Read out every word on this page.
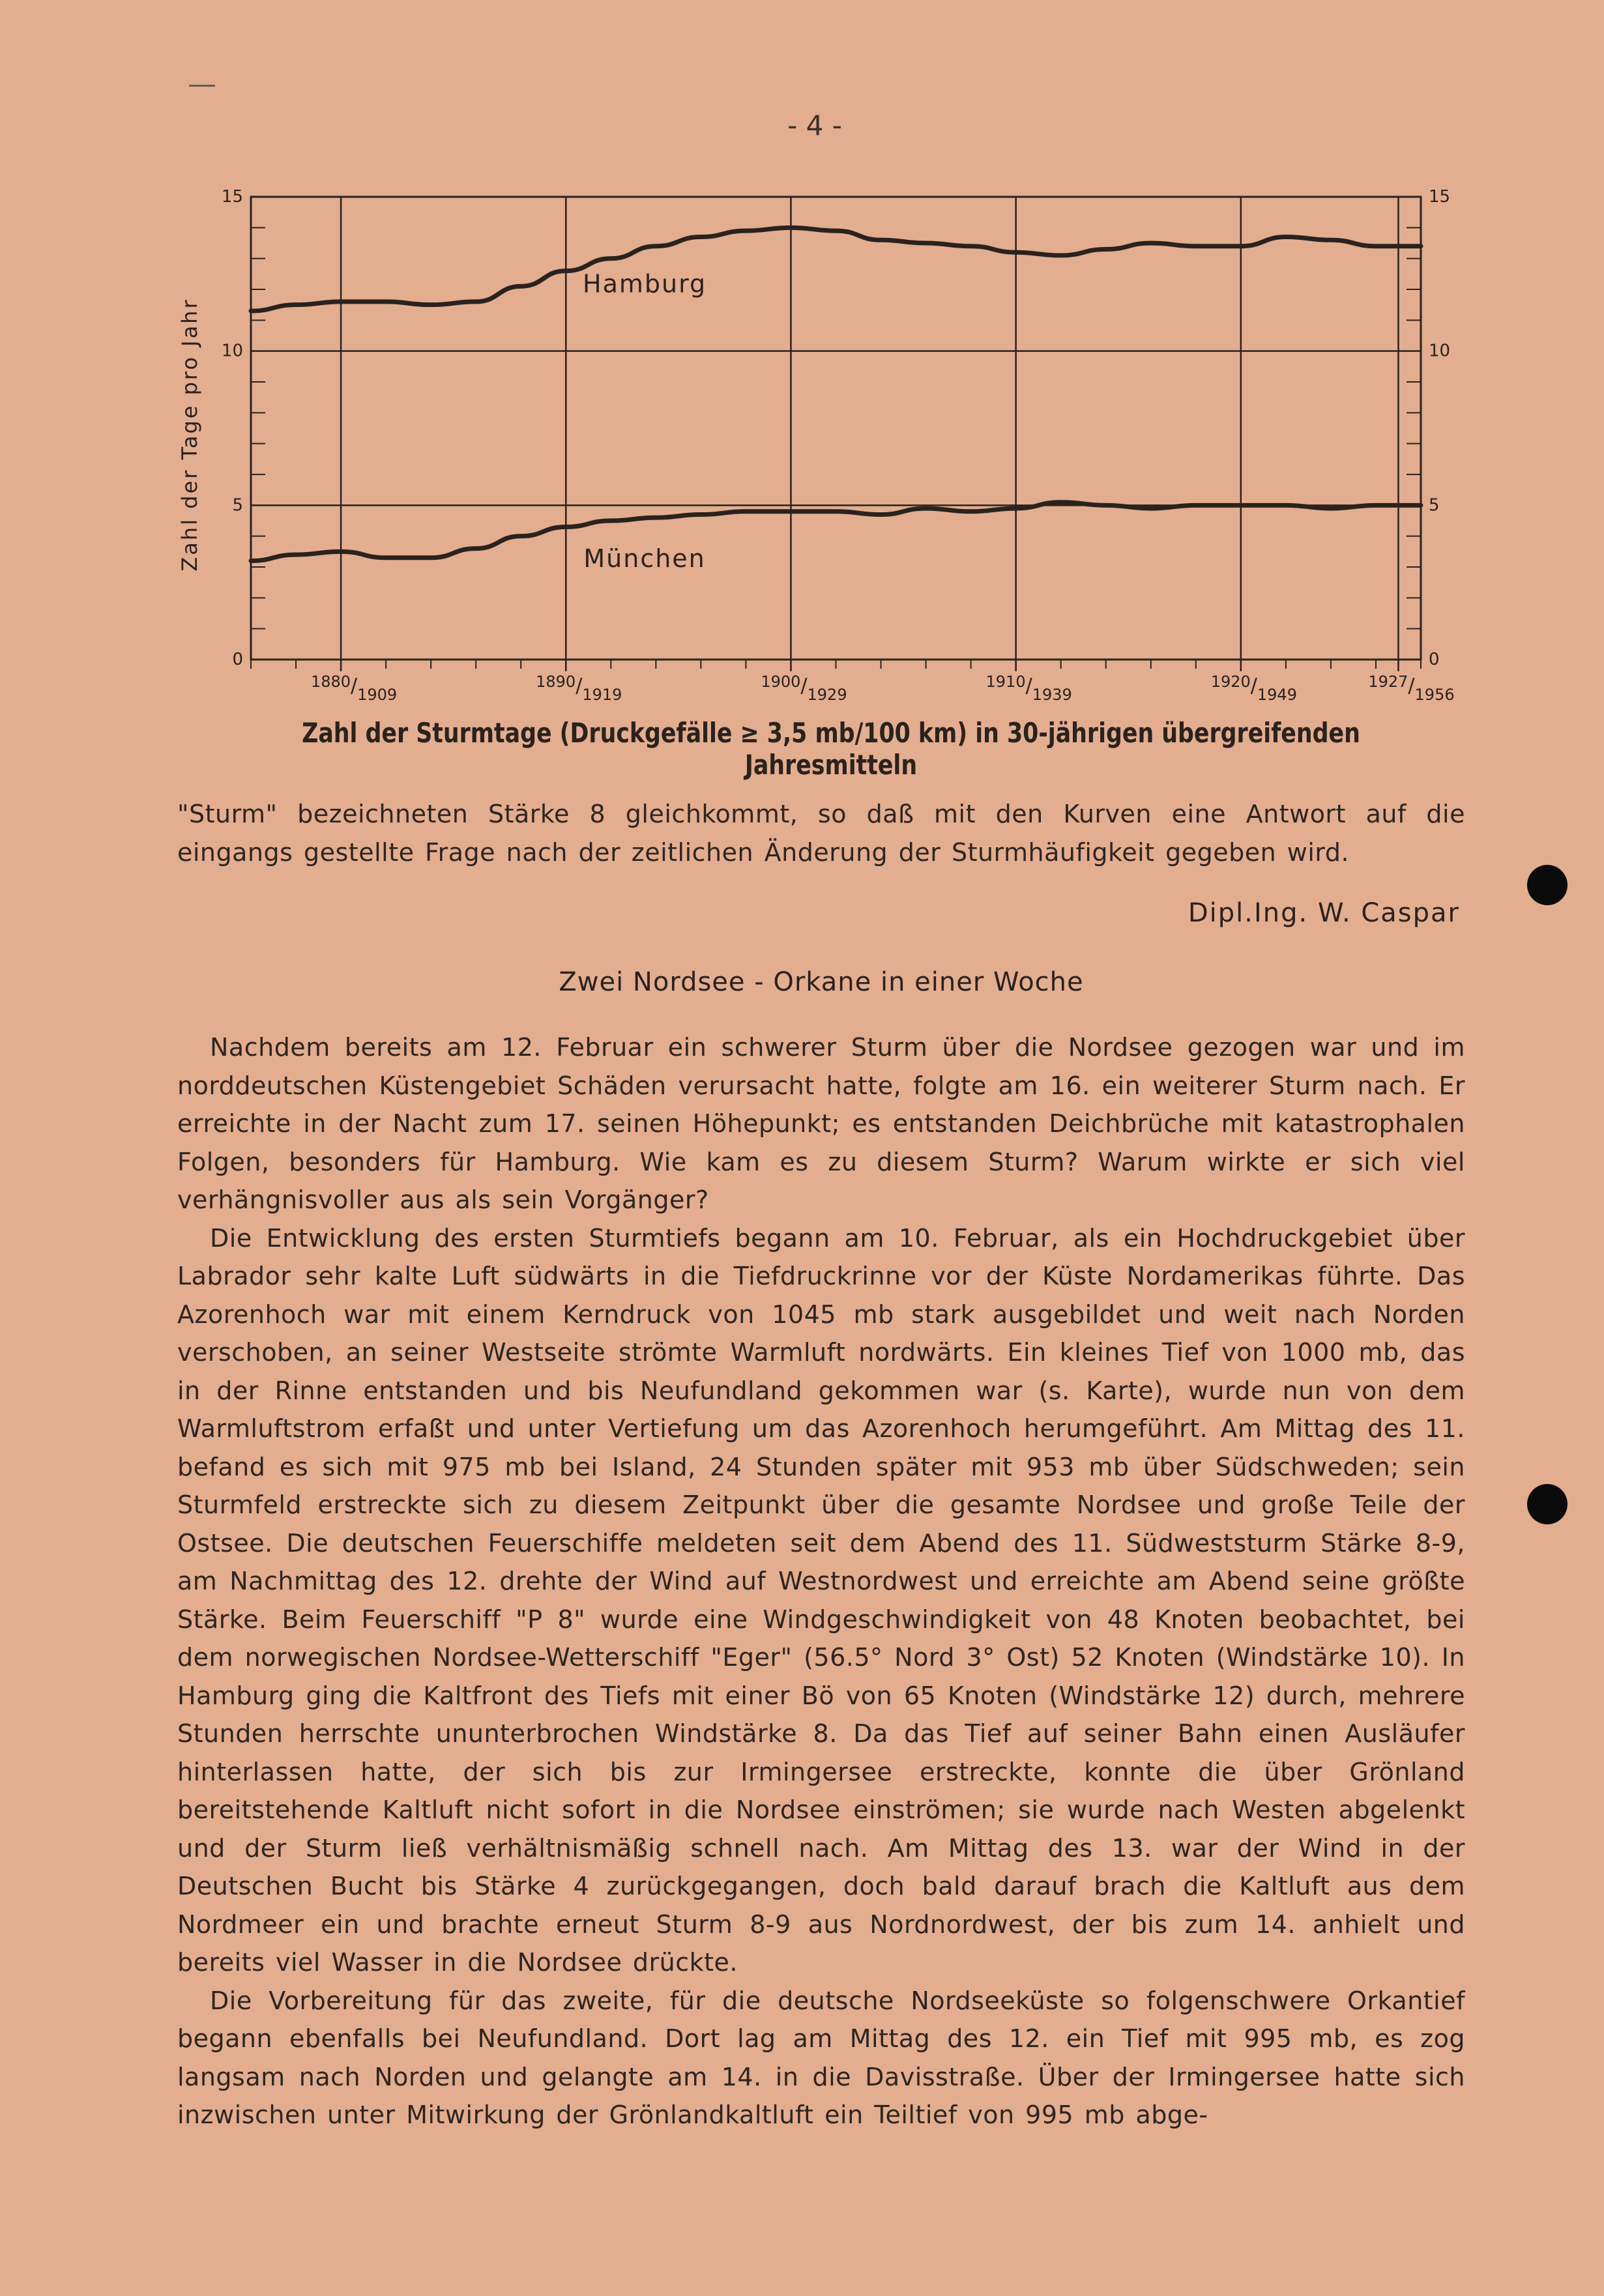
- 4 -
0	0
5	5
10	10
15	15
Zahl der Tage pro Jahr
1880/1909
1890/1919
1900/1929
1910/1939
1920/1949
1927/1956
Hamburg
München
Zahl der Sturmtage (Druckgefälle ≥ 3,5 mb/100 km) in 30-jährigen übergreifenden Jahresmitteln

"Sturm" bezeichneten Stärke 8 gleichkommt, so daß mit den Kurven eine Antwort auf die eingangs gestellte Frage nach der zeitlichen Änderung der Sturmhäufigkeit gegeben wird.

Dipl.Ing. W. Caspar
Zwei Nordsee - Orkane in einer Woche

Nachdem bereits am 12. Februar ein schwerer Sturm über die Nordsee gezogen war und im norddeutschen Küstengebiet Schäden verursacht hatte, folgte am 16. ein weiterer Sturm nach. Er erreichte in der Nacht zum 17. seinen Höhepunkt; es entstanden Deichbrüche mit katastrophalen Folgen, besonders für Hamburg. Wie kam es zu diesem Sturm? Warum wirkte er sich viel verhängnisvoller aus als sein Vorgänger?

Die Entwicklung des ersten Sturmtiefs begann am 10. Februar, als ein Hochdruckgebiet über Labrador sehr kalte Luft südwärts in die Tiefdruckrinne vor der Küste Nordamerikas führte. Das Azorenhoch war mit einem Kerndruck von 1045 mb stark ausgebildet und weit nach Norden verschoben, an seiner Westseite strömte Warmluft nordwärts. Ein kleines Tief von 1000 mb, das in der Rinne entstanden und bis Neufundland gekommen war (s. Karte), wurde nun von dem Warmluftstrom erfaßt und unter Vertiefung um das Azorenhoch herumgeführt. Am Mittag des 11. befand es sich mit 975 mb bei Island, 24 Stunden später mit 953 mb über Südschweden; sein Sturmfeld erstreckte sich zu diesem Zeitpunkt über die gesamte Nordsee und große Teile der Ostsee. Die deutschen Feuerschiffe meldeten seit dem Abend des 11. Südweststurm Stärke 8-9, am Nachmittag des 12. drehte der Wind auf Westnordwest und erreichte am Abend seine größte Stärke. Beim Feuerschiff "P 8" wurde eine Windgeschwindigkeit von 48 Knoten beobachtet, bei dem norwegischen Nordsee-Wetterschiff "Eger" (56.5° Nord 3° Ost) 52 Knoten (Windstärke 10). In Hamburg ging die Kaltfront des Tiefs mit einer Bö von 65 Knoten (Windstärke 12) durch, mehrere Stunden herrschte ununterbrochen Windstärke 8. Da das Tief auf seiner Bahn einen Ausläufer hinterlassen hatte, der sich bis zur Irmingersee erstreckte, konnte die über Grönland bereitstehende Kaltluft nicht sofort in die Nordsee einströmen; sie wurde nach Westen abgelenkt und der Sturm ließ verhältnismäßig schnell nach. Am Mittag des 13. war der Wind in der Deutschen Bucht bis Stärke 4 zurückgegangen, doch bald darauf brach die Kaltluft aus dem Nordmeer ein und brachte erneut Sturm 8-9 aus Nordnordwest, der bis zum 14. anhielt und bereits viel Wasser in die Nordsee drückte.

Die Vorbereitung für das zweite, für die deutsche Nordseeküste so folgenschwere Orkantief begann ebenfalls bei Neufundland. Dort lag am Mittag des 12. ein Tief mit 995 mb, es zog langsam nach Norden und gelangte am 14. in die Davisstraße. Über der Irmingersee hatte sich inzwischen unter Mitwirkung der Grönlandkaltluft ein Teiltief von 995 mb abge-
